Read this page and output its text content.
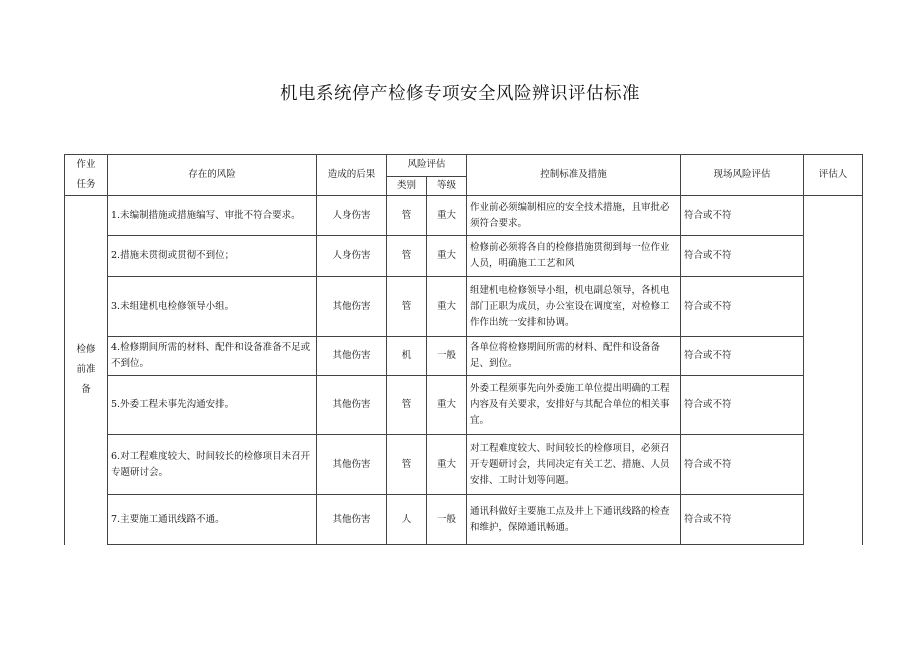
机电系统停产检修专项安全风险辨识评估标准
作业任务	存在的风险	造成的后果	风险评估		控制标准及措施	现场风险评估	评估人
			类别	等级			
检修前准备	1.未编制措施或措施编写、审批不符合要求。	人身伤害	管	重大	作业前必须编制相应的安全技术措施，且审批必须符合要求。	符合或不符	
	2.措施未贯彻或贯彻不到位；	人身伤害	管	重大	检修前必须将各自的检修措施贯彻到每一位作业人员，明确施工工艺和风	符合或不符	
	3.未组建机电检修领导小组。	其他伤害	管	重大	组建机电检修领导小组，机电副总领导，各机电部门正职为成员，办公室设在调度室，对检修工作作出统一安排和协调。	符合或不符	
	4.检修期间所需的材料、配件和设备准备不足或不到位。	其他伤害	机	一般	各单位将检修期间所需的材料、配件和设备备足、到位。	符合或不符	
	5.外委工程未事先沟通安排。	其他伤害	管	重大	外委工程须事先向外委施工单位提出明确的工程内容及有关要求，安排好与其配合单位的相关事宜。	符合或不符	
	6.对工程难度较大、时间较长的检修项目未召开专题研讨会。	其他伤害	管	重大	对工程难度较大、时间较长的检修项目，必须召开专题研讨会，共同决定有关工艺、措施、人员安排、工时计划等问题。	符合或不符	
	7.主要施工通讯线路不通。	其他伤害	人	一般	通讯科做好主要施工点及井上下通讯线路的检查和维护，保障通讯畅通。	符合或不符	
